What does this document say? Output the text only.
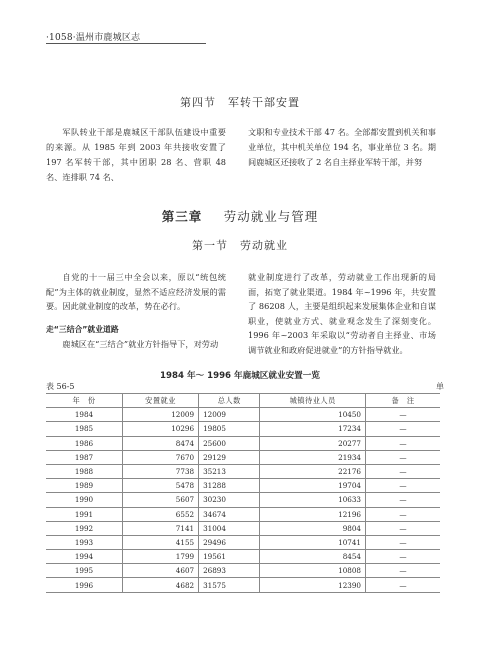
·1058·温州市鹿城区志
第四节　军转干部安置

军队转业干部是鹿城区干部队伍建设中重要的来源。从 1985 年到 2003 年共接收安置了 197 名军转干部，其中团职 28 名、营职 48 名、连排职 74 名、

文职和专业技术干部 47 名。全部都安置到机关和事业单位，其中机关单位 194 名，事业单位 3 名。期间鹿城区还接收了 2 名自主择业军转干部，并努

第三章 劳动就业与管理
第一节　劳动就业

自党的十一届三中全会以来，原以“统包统配”为主体的就业制度，显然不适应经济发展的需要。因此就业制度的改革，势在必行。

走“三结合”就业道路

鹿城区在“三结合”就业方针指导下，对劳动

就业制度进行了改革，劳动就业工作出现新的局面，拓宽了就业渠道。1984 年~1996 年，共安置了 86208 人，主要是组织起来发展集体企业和自谋职业，使就业方式、就业观念发生了深刻变化。1996 年~2003 年采取以“劳动者自主择业、市场调节就业和政府促进就业”的方针指导就业。

1984 年～ 1996 年鹿城区就业安置一览
表 56-5	单
年　份	安置就业	总人数	城镇待业人员	备　注
1984	12009	12009	10450	—
1985	10296	19805	17234	—
1986	8474	25600	20277	—
1987	7670	29129	21934	—
1988	7738	35213	22176	—
1989	5478	31288	19704	—
1990	5607	30230	10633	—
1991	6552	34674	12196	—
1992	7141	31004	9804	—
1993	4155	29496	10741	—
1994	1799	19561	8454	—
1995	4607	26893	10808	—
1996	4682	31575	12390	—
